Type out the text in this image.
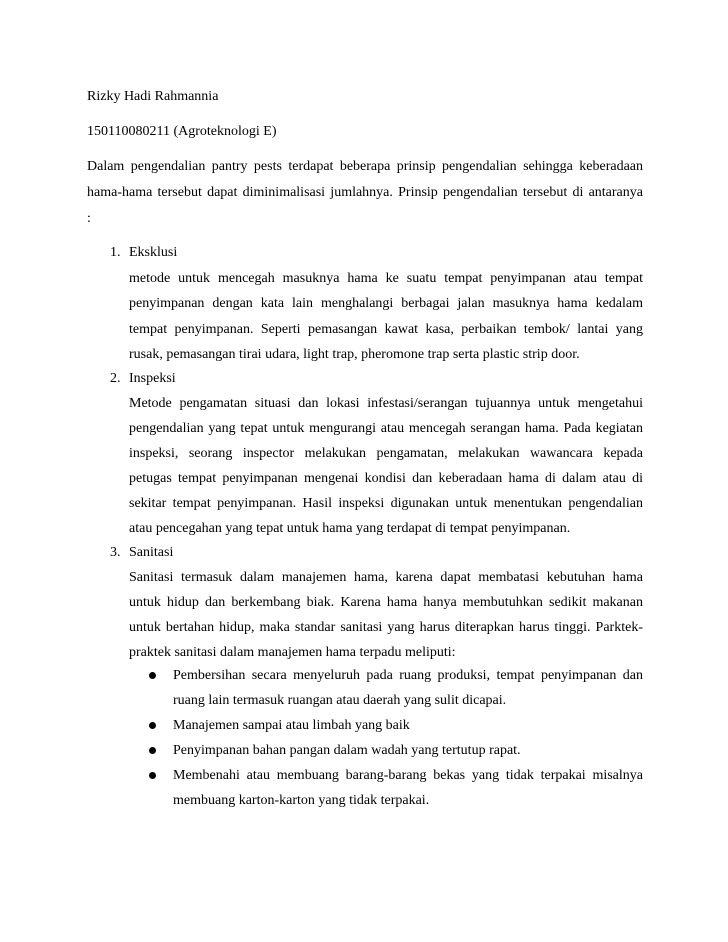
Rizky Hadi Rahmannia
150110080211 (Agroteknologi E)
Dalam pengendalian pantry pests terdapat beberapa prinsip pengendalian sehingga keberadaan
hama-hama tersebut dapat diminimalisasi jumlahnya. Prinsip pengendalian tersebut di antaranya
:
1. Eksklusi
metode untuk mencegah masuknya hama ke suatu tempat penyimpanan atau tempat
penyimpanan dengan kata lain menghalangi berbagai jalan masuknya hama kedalam
tempat penyimpanan. Seperti pemasangan kawat kasa, perbaikan tembok/ lantai yang
rusak, pemasangan tirai udara, light trap, pheromone trap serta plastic strip door.
2. Inspeksi
Metode pengamatan situasi dan lokasi infestasi/serangan tujuannya untuk mengetahui
pengendalian yang tepat untuk mengurangi atau mencegah serangan hama. Pada kegiatan
inspeksi, seorang inspector melakukan pengamatan, melakukan wawancara kepada
petugas tempat penyimpanan mengenai kondisi dan keberadaan hama di dalam atau di
sekitar tempat penyimpanan. Hasil inspeksi digunakan untuk menentukan pengendalian
atau pencegahan yang tepat untuk hama yang terdapat di tempat penyimpanan.
3. Sanitasi
Sanitasi termasuk dalam manajemen hama, karena dapat membatasi kebutuhan hama
untuk hidup dan berkembang biak. Karena hama hanya membutuhkan sedikit makanan
untuk bertahan hidup, maka standar sanitasi yang harus diterapkan harus tinggi. Parktek-
praktek sanitasi dalam manajemen hama terpadu meliputi:
Pembersihan secara menyeluruh pada ruang produksi, tempat penyimpanan dan
ruang lain termasuk ruangan atau daerah yang sulit dicapai.
Manajemen sampai atau limbah yang baik
Penyimpanan bahan pangan dalam wadah yang tertutup rapat.
Membenahi atau membuang barang-barang bekas yang tidak terpakai misalnya
membuang karton-karton yang tidak terpakai.
